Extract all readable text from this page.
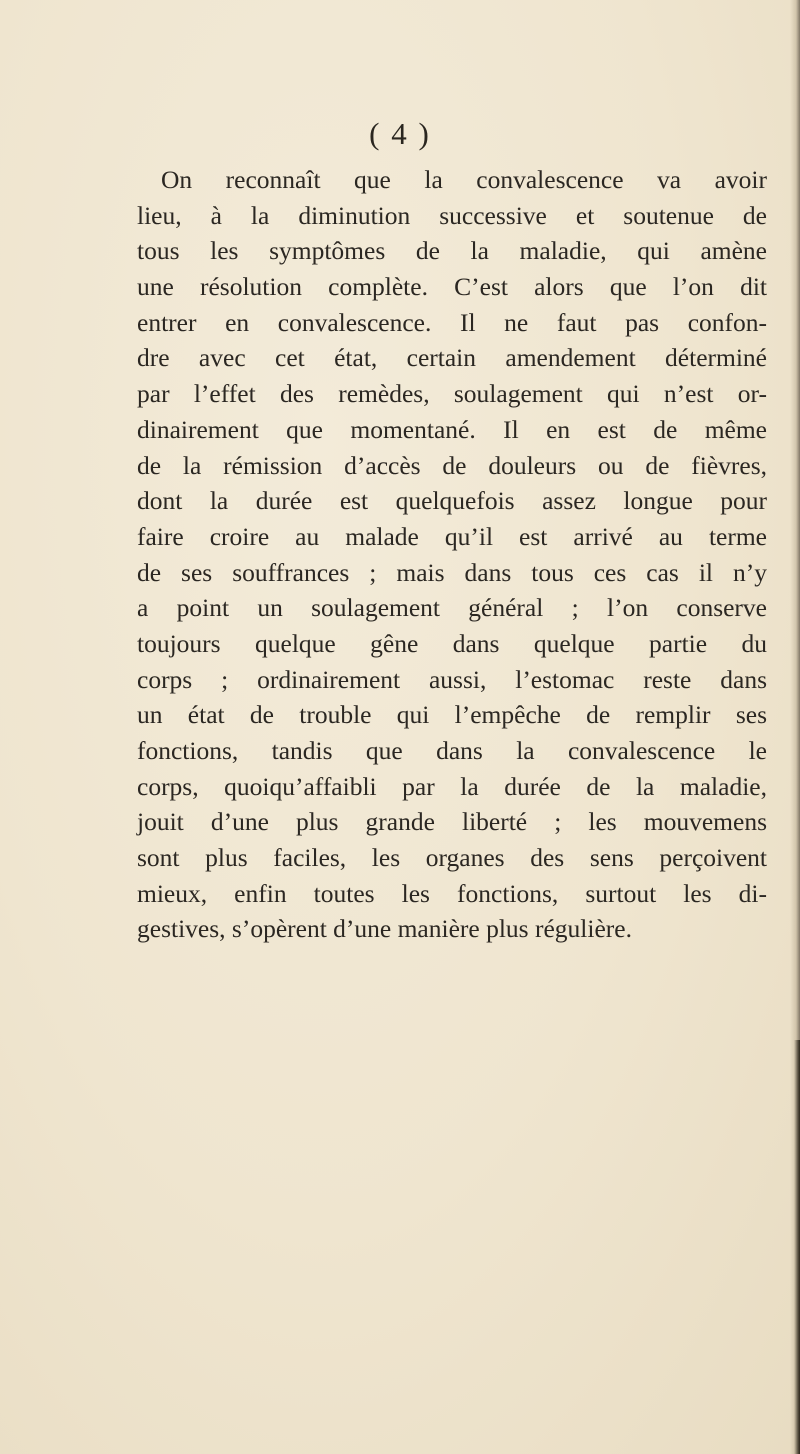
( 4 )
On reconnaît que la convalescence va avoir
lieu, à la diminution successive et soutenue de
tous les symptômes de la maladie, qui amène
une résolution complète. C’est alors que l’on dit
entrer en convalescence. Il ne faut pas confon-
dre avec cet état, certain amendement déterminé
par l’effet des remèdes, soulagement qui n’est or-
dinairement que momentané. Il en est de même
de la rémission d’accès de douleurs ou de fièvres,
dont la durée est quelquefois assez longue pour
faire croire au malade qu’il est arrivé au terme
de ses souffrances ; mais dans tous ces cas il n’y
a point un soulagement général ; l’on conserve
toujours quelque gêne dans quelque partie du
corps ; ordinairement aussi, l’estomac reste dans
un état de trouble qui l’empêche de remplir ses
fonctions, tandis que dans la convalescence le
corps, quoiqu’affaibli par la durée de la maladie,
jouit d’une plus grande liberté ; les mouvemens
sont plus faciles, les organes des sens perçoivent
mieux, enfin toutes les fonctions, surtout les di-
gestives, s’opèrent d’une manière plus régulière.
